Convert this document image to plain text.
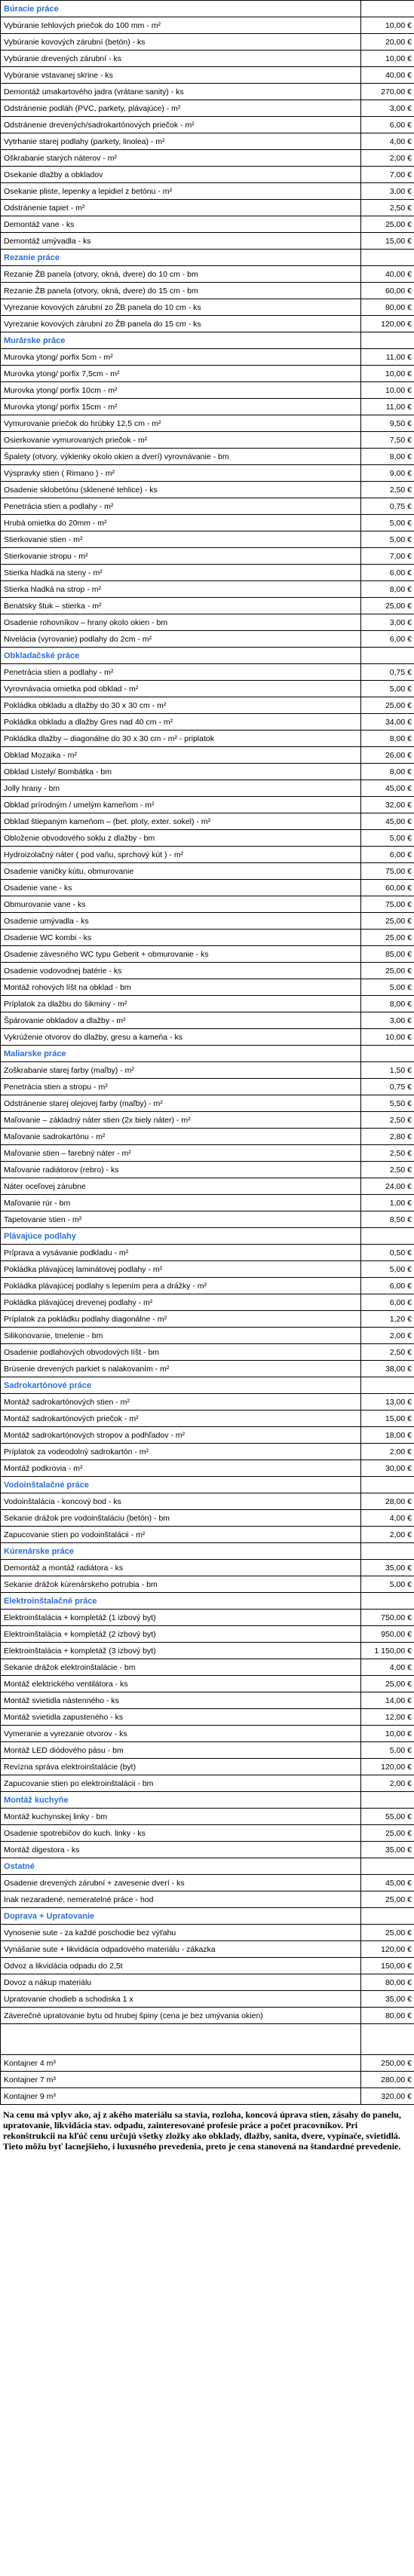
Búracie práce	
Vybúranie tehlových priečok do 100 mm - m²	10,00 €
Vybúranie kovových zárubní (betón) - ks	20,00 €
Vybúranie drevených zárubní - ks	10,00 €
Vybúranie vstavanej skrine - ks	40,00 €
Demontáž umakartového jadra (vrátane sanity) - ks	270,00 €
Odstránenie podlàh (PVC, parkety, plávajúce) - m²	3,00 €
Odstránenie drevených/sadrokartónových priečok - m²	6,00 €
Vytrhanie starej podlahy (parkety, linolea) - m²	4,00 €
Oškrabanie starých náterov - m²	2,00 €
Osekanie dlažby a obkladov	7,00 €
Osekanie pliste, lepenky a lepidiel z betónu - m²	3,00 €
Odstránenie tapiet - m²	2,50 €
Demontáž vane - ks	25,00 €
Demontáž umývadla - ks	15,00 €
Rezanie práce	
Rezanie ŽB panela (otvory, okná, dvere) do 10 cm - bm	40,00 €
Rezanie ŽB panela (otvory, okná, dvere) do 15 cm - bm	60,00 €
Vyrezanie kovových zárubní zo ŽB panela do 10 cm - ks	80,00 €
Vyrezanie kovových zárubní zo ŽB panela do 15 cm - ks	120,00 €
Murárske práce	
Murovka ytong/ porfix 5cm - m²	11,00 €
Murovka ytong/ porfix 7,5cm - m²	10,00 €
Murovka ytong/ porfix 10cm - m²	10,00 €
Murovka ytong/ porfix 15cm - m²	11,00 €
Vymurovanie priečok do hrúbky 12,5 cm - m²	9,50 €
Osierkovanie vymurovaných priečok - m²	7,50 €
Špalety (otvory, výklenky okolo okien a dverí) vyrovnávanie - bm	8,00 €
Výspravky stien ( Rimano ) - m²	9,00 €
Osadenie sklobetónu (sklenené tehlice) - ks	2,50 €
Penetrácia stien a podlahy - m²	0,75 €
Hrubá omietka do 20mm - m²	5,00 €
Stierkovanie stien - m²	5,00 €
Stierkovanie stropu - m²	7,00 €
Stierka hladká na steny - m²	6,00 €
Stierka hladká na strop - m²	8,00 €
Benátsky štuk – stierka - m²	25,00 €
Osadenie rohovníkov – hrany okolo okien - bm	3,00 €
Nivelácia (vyrovanie) podlahy do 2cm - m²	6,00 €
Obkladačské práce	
Penetrácia stien a podlahy - m²	0,75 €
Vyrovnávacia omietka pod obklad - m²	5,00 €
Pokládka obkladu a dlažby do 30 x 30 cm - m²	25,00 €
Pokládka obkladu a dlažby Gres nad 40 cm - m²	34,00 €
Pokládka dlažby – diagonálne do 30 x 30 cm - m² - priplatok	8,00 €
Obklad Mozaika - m²	26,00 €
Obklad Listely/ Bombátka - bm	8,00 €
Jolly hrany - bm	45,00 €
Obklad prírodným / umelým kameňom - m²	32,00 €
Obklad štiepaným kameňom – (bet. ploty, exter. sokel) - m²	45,00 €
Obloženie obvodového soklu z dlažby - bm	5,00 €
Hydroizolačný náter ( pod vaňu, sprchový kút ) - m²	6,00 €
Osadenie vaničky kútu, obmurovanie	75,00 €
Osadenie vane - ks	60,00 €
Obmurovanie vane - ks	75,00 €
Osadenie umývadla - ks	25,00 €
Osadenie WC kombi - ks	25,00 €
Osadenie závesného WC typu Geberit + obmurovanie - ks	85,00 €
Osadenie vodovodnej batérie - ks	25,00 €
Montáž rohových líšt na obklad - bm	5,00 €
Príplatok za dlažbu do šikminy - m²	8,00 €
Špárovanie obkladov a dlažby - m²	3,00 €
Vykrúženie otvorov do dlažby, gresu a kameňa - ks	10,00 €
Maliarske práce	
Zoškrabanie starej farby (maľby) - m²	1,50 €
Penetrácia stien a stropu - m²	0,75 €
Odstránenie starej olejovej farby (maľby) - m²	5,50 €
Maľovanie – základný náter stien (2x biely náter) - m²	2,50 €
Maľovanie sadrokartónu - m²	2,80 €
Maľovanie stien – farebný náter - m²	2,50 €
Maľovanie radiátorov (rebro) - ks	2,50 €
Náter oceľovej zárubne	24,00 €
Maľovanie rúr - bm	1,00 €
Tapetovanie stien - m²	8,50 €
Plávajúce podlahy	
Príprava a vysávanie podkladu - m²	0,50 €
Pokládka plávajúcej laminátovej podlahy - m²	5,00 €
Pokládka plávajúcej podlahy s lepením pera a drážky - m²	6,00 €
Pokládka plávajúcej drevenej podlahy - m²	6,00 €
Príplatok za pokládku podlahy diagonálne - m²	1,20 €
Silikonovanie, tmelenie - bm	2,00 €
Osadenie podlahových obvodových líšt - bm	2,50 €
Brúsenie drevených parkiet s nalakovaním - m²	38,00 €
Sadrokartónové práce	
Montáž sadrokartónových stien - m²	13,00 €
Montáž sadrokartónových priečok - m²	15,00 €
Montáž sadrokartónových stropov a podhľadov - m²	18,00 €
Príplatok za vodeodolný sadrokartón - m²	2,00 €
Montáž podkrovia - m²	30,00 €
Vodoinštalačné práce	
Vodoinštalácia - koncový bod - ks	28,00 €
Sekanie drážok pre vodoinštaláciu (betón) - bm	4,00 €
Zapucovanie stien po vodoinštalácii - m²	2,00 €
Kúrenárske práce	
Demontáž a montáž radiátora - ks	35,00 €
Sekanie drážok kúrenárskeho potrubia - bm	5,00 €
Elektroinštalačné práce	
Elektroinštalácia + kompletáž (1 izbový byt)	750,00 €
Elektroinštalácia + kompletáž (2 izbový byt)	950,00 €
Elektroinštalácia + kompletáž (3 izbový byt)	1 150,00 €
Sekanie drážok elektroinštalácie - bm	4,00 €
Montáž elektrického ventilátora - ks	25,00 €
Montáž svietidla nástenného - ks	14,00 €
Montáž svietidla zapusteného - ks	12,00 €
Vymeranie a vyrezanie otvorov - ks	10,00 €
Montáž LED diódového pásu - bm	5,00 €
Revízna správa elektroinštalácie (byt)	120,00 €
Zapucovanie stien po elektroinštalácii - bm	2,00 €
Montáž kuchyňe	
Montáž kuchynskej linky - bm	55,00 €
Osadenie spotrebičov do kuch. linky - ks	25,00 €
Montáž digestora - ks	35,00 €
Ostatné	
Osadenie drevených zárubní + zavesenie dverí - ks	45,00 €
Inak nezaradené, nemeratelné práce - hod	25,00 €
Doprava + Upratovanie	
Vynosenie sute - za každé poschodie bez výťahu	25,00 €
Vynášanie sute + likvidácia odpadového materiálu - zákazka	120,00 €
Odvoz a likvidácia odpadu do 2,5t	150,00 €
Dovoz a nákup materiálu	80,00 €
Upratovanie chodieb a schodiska 1 x	35,00 €
Záverečné upratovanie bytu od hrubej špiny (cena je bez umývania okien)	80,00 €

Kontajner 4 m³	250,00 €
Kontajner 7 m³	280,00 €
Kontajner 9 m³	320,00 €
Na cenu má vplyv ako, aj z akého materiálu sa stavia, rozloha, koncová úprava stien, zásahy do panelu, upratovanie, likvidácia stav. odpadu, zainteresované profesie práce a počet pracovníkov. Pri rekonštrukcii na kľúč cenu určujú všetky zložky ako obklady, dlažby, sanita, dvere, vypínače, svietidlá. Tieto môžu byť lacnejšieho, i luxusného prevedenia, preto je cena stanovená na štandardné prevedenie.
